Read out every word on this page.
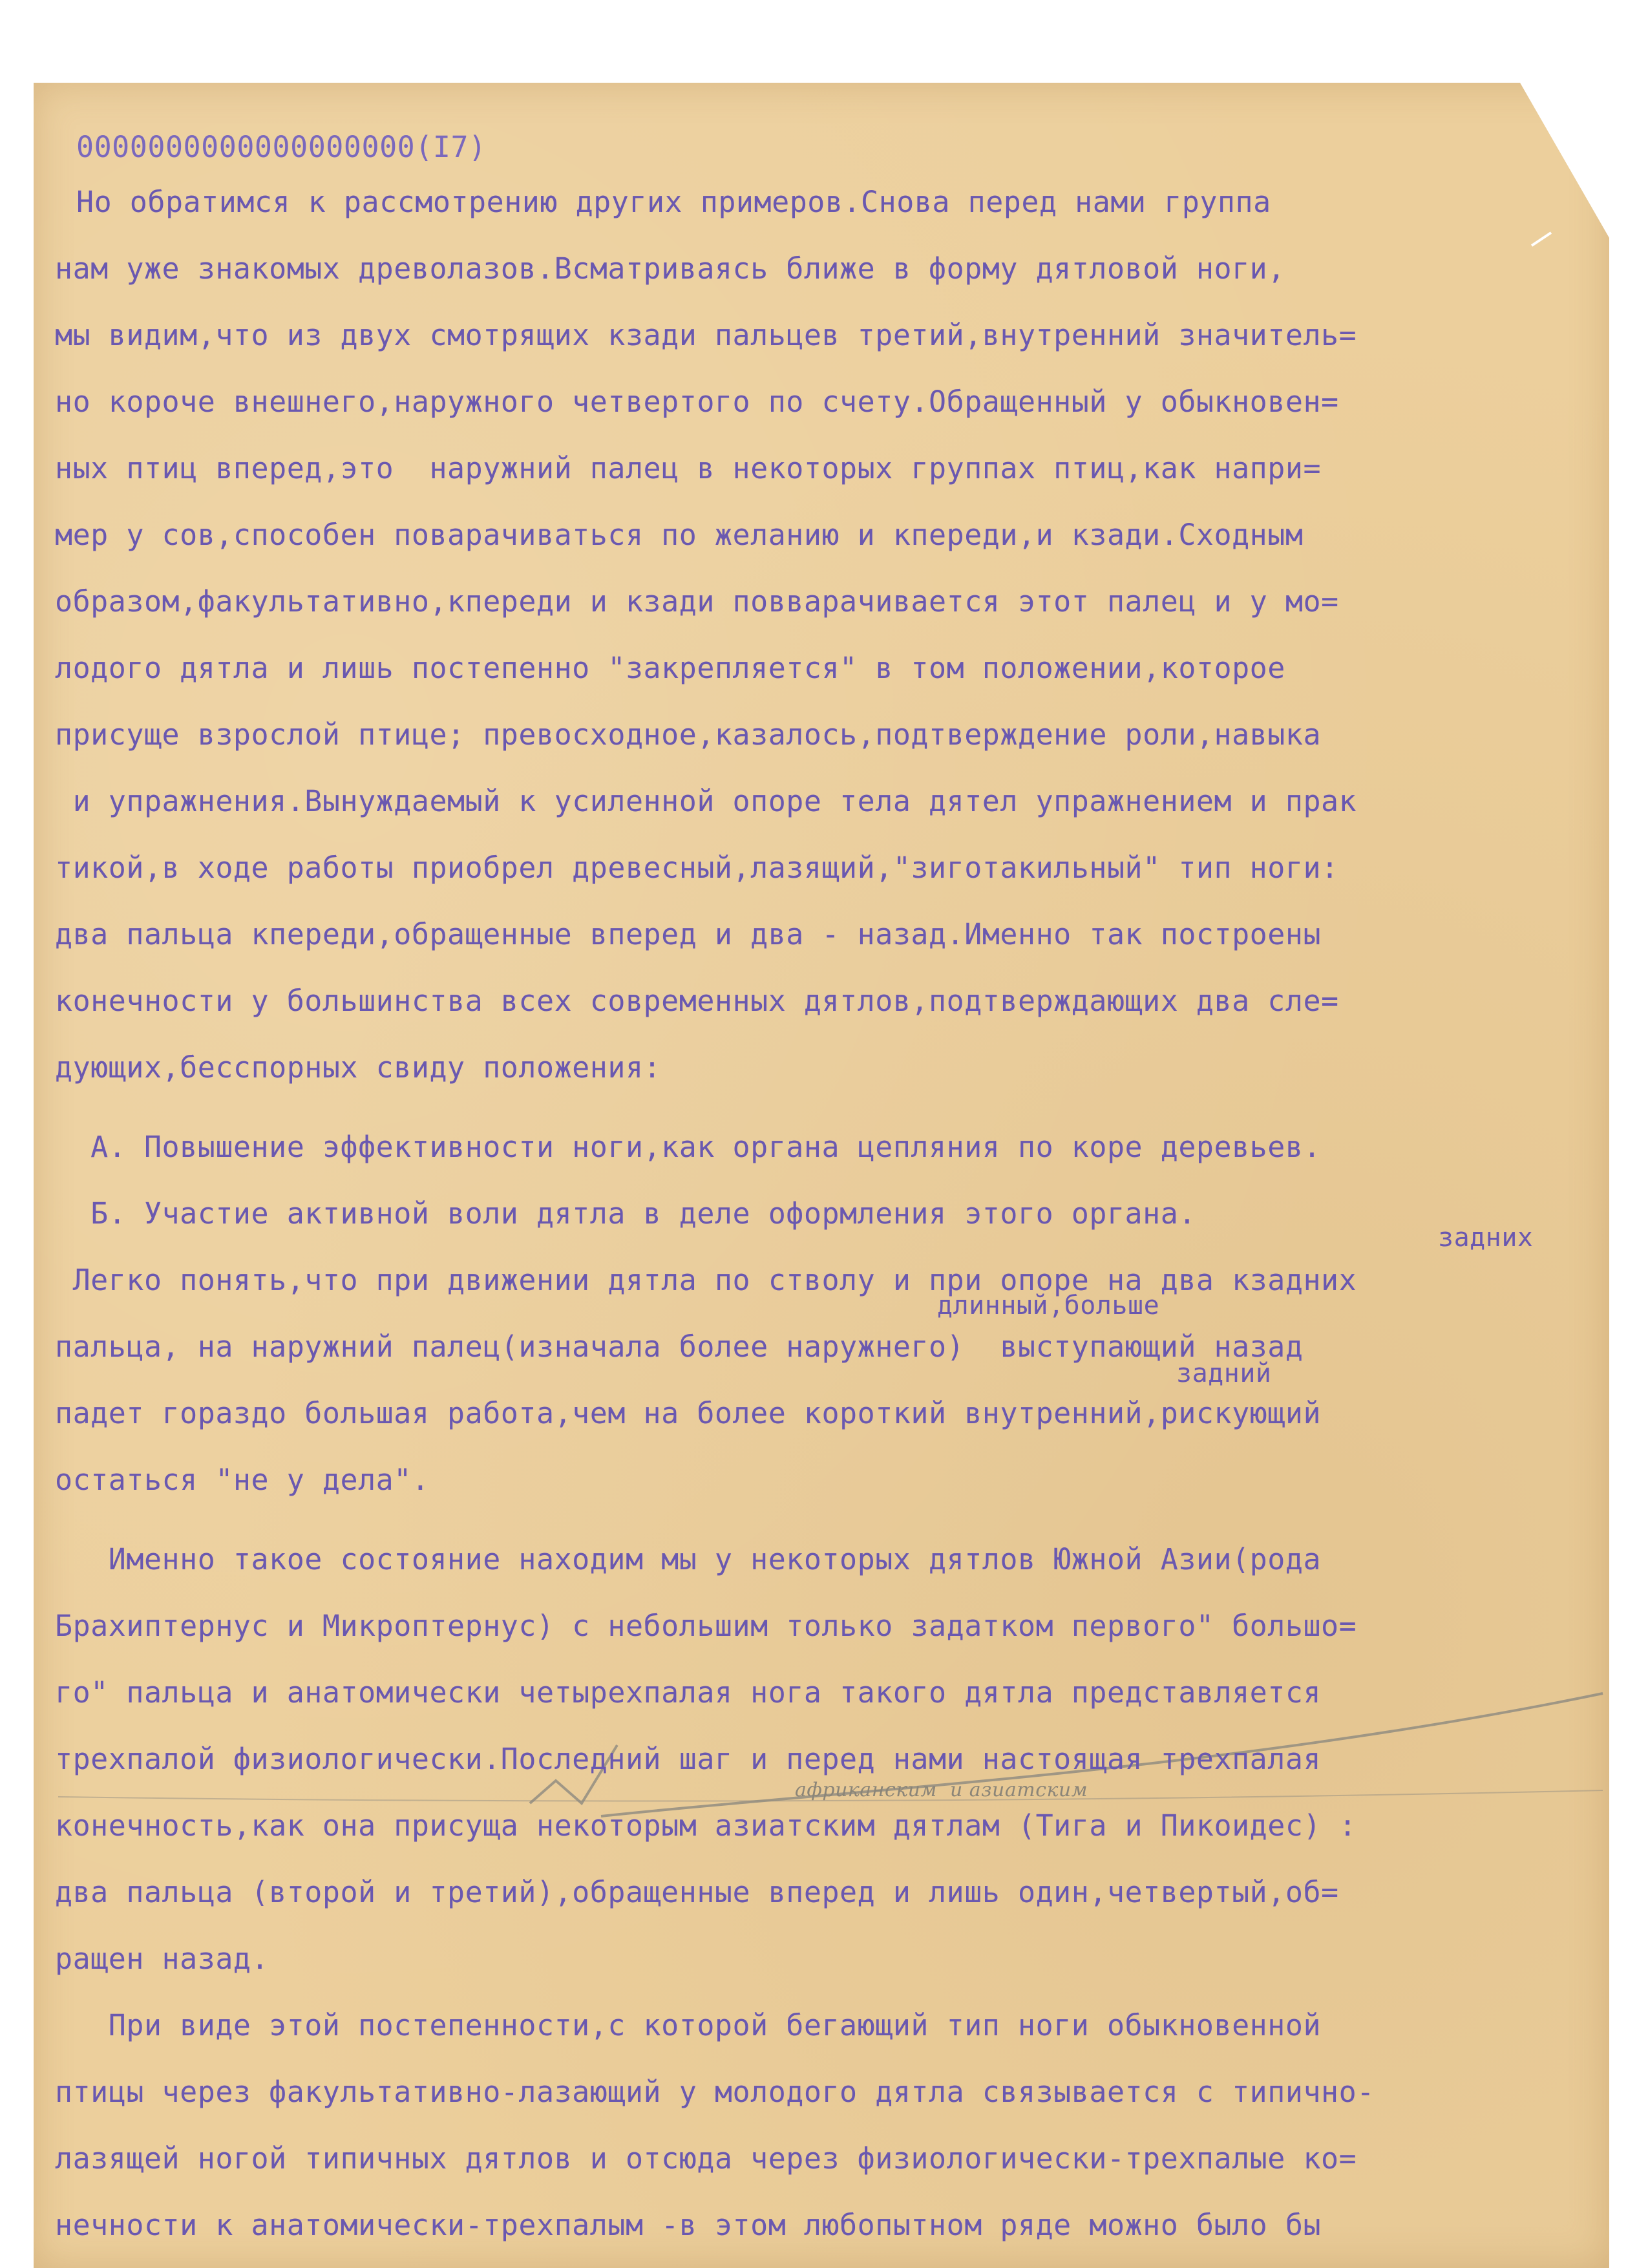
0000000000000000000(I7)
Но обратимся к рассмотрению других примеров.Снова перед нами группа
нам уже знакомых древолазов.Всматриваясь ближе в форму дятловой ноги,
мы видим,что из двух смотрящих кзади пальцев третий,внутренний значитель=
но короче внешнего,наружного четвертого по счету.Обращенный у обыкновен=
ных птиц вперед,это  наружний палец в некоторых группах птиц,как напри=
мер у сов,способен поварачиваться по желанию и кпереди,и кзади.Сходным
образом,факультативно,кпереди и кзади повварачивается этот палец и у мо=
лодого дятла и лишь постепенно "закрепляется" в том положении,которое
присуще взрослой птице; превосходное,казалось,подтверждение роли,навыка
и упражнения.Вынуждаемый к усиленной опоре тела дятел упражнением и прак
тикой,в ходе работы приобрел древесный,лазящий,"зиготакильный" тип ноги:
два пальца кпереди,обращенные вперед и два - назад.Именно так построены
конечности у большинства всех современных дятлов,подтверждающих два сле=
дующих,бесспорных свиду положения:
А. Повышение эффективности ноги,как органа цепляния по коре деревьев.
Б. Участие активной воли дятла в деле оформления этого органа.
задних
Легко понять,что при движении дятла по стволу и при опоре на два кзадних
длинный,больше
пальца, на наружний палец(изначала более наружнего)  выступающий назад
задний
падет гораздо большая работа,чем на более короткий внутренний,рискующий
остаться "не у дела".
Именно такое состояние находим мы у некоторых дятлов Южной Азии(рода
Брахиптернус и Микроптернус) с небольшим только задатком первого" большо=
го" пальца и анатомически четырехпалая нога такого дятла представляется
трехпалой физиологически.Последний шаг и перед нами настоящая трехпалая
африканским  и азиатским
конечность,как она присуща некоторым азиатским дятлам (Тига и Пикоидес) :
два пальца (второй и третий),обращенные вперед и лишь один,четвертый,об=
ращен назад.
При виде этой постепенности,с которой бегающий тип ноги обыкновенной
птицы через факультативно-лазающий у молодого дятла связывается с типично-
лазящей ногой типичных дятлов и отсюда через физиологически-трехпалые ко=
нечности к анатомически-трехпалым -в этом любопытном ряде можно было бы
